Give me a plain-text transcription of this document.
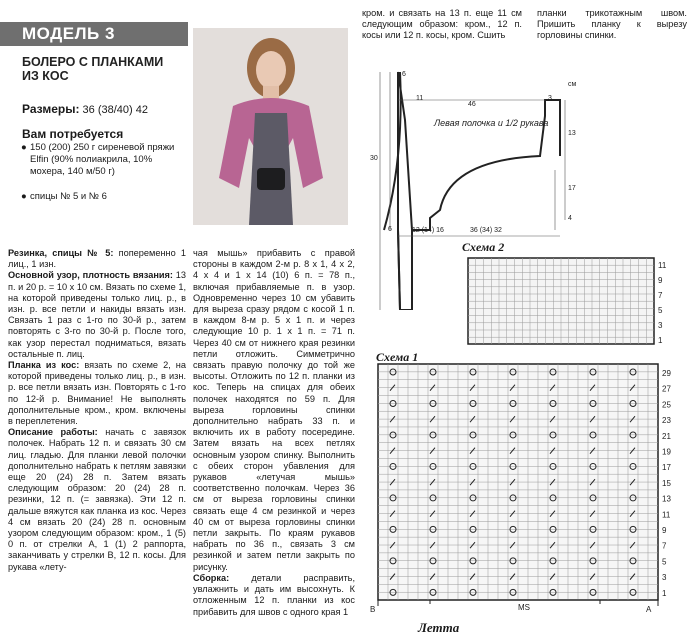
МОДЕЛЬ 3
БОЛЕРО С ПЛАНКАМИ ИЗ КОС
Размеры: 36 (38/40) 42
Вам потребуется
● 150 (200) 250 г сиреневой пряжи Elfin (90% полиакрила, 10% мохера, 140 м/50 г)
● спицы № 5 и № 6

Резинка, спицы № 5: попеременно 1 лиц., 1 изн.

Основной узор, плотность вязания: 13 п. и 20 р. = 10 х 10 см. Вязать по схеме 1, на которой приведены только лиц. р., в изн. р. все петли и накиды вязать изн. Связать 1 раз с 1-го по 30-й р., затем повторять с 3-го по 30-й р. После того, как узор перестал подниматься, вязать остальные п. лиц.

Планка из кос: вязать по схеме 2, на которой приведены только лиц. р., в изн. р. все петли вязать изн. Повторять с 1-го по 12-й р. Внимание! Не выполнять дополнительные кром., кром. включены в переплетения.

Описание работы: начать с завязок полочек. Набрать 12 п. и связать 30 см лиц. гладью. Для планки левой полочки дополнительно набрать к петлям завязки еще 20 (24) 28 п. Затем вязать следующим образом: 20 (24) 28 п. резинки, 12 п. (= завязка). Эти 12 п. дальше вяжутся как планка из кос. Через 4 см вязать 20 (24) 28 п. основным узором следующим образом: кром., 1 (5) 0 п. от стрелки А, 1 (1) 2 раппорта, заканчивать у стрелки В, 12 п. косы. Для рукава «лету-

чая мышь» прибавить с правой стороны в каждом 2-м р. 8 х 1, 4 х 2, 4 х 4 и 1 х 14 (10) 6 п. = 78 п., включая прибавляемые п. в узор. Одновременно через 10 см убавить для выреза сразу рядом с косой 1 п. в каждом 8-м р. 5 х 1 п. и через следующие 10 р. 1 х 1 п. = 71 п. Через 40 см от нижнего края резинки петли отложить. Симметрично связать правую полочку до той же высоты. Отложить по 12 п. планки из кос. Теперь на спицах для обеих полочек находятся по 59 п. Для выреза горловины спинки дополнительно набрать 33 п. и включить их в работу посередине. Затем вязать на всех петлях основным узором спинку. Выполнить с обеих сторон убавления для рукавов «летучая мышь» соответственно полочкам. Через 36 см от выреза горловины спинки связать еще 4 см резинкой и через 40 см от выреза горловины спинки петли закрыть. По краям рукавов набрать по 36 п., связать 3 см резинкой и затем петли закрыть по рисунку.

Сборка: детали расправить, увлажнить и дать им высохнуть. К отложенным 12 п. планки из кос прибавить для швов с одного края 1

кром. и связать на 13 п. еще 11 см следующим образом: кром., 12 п. косы или 12 п. косы, кром. Сшить
планки трикотажным швом. Пришить планку к вырезу горловины спинки.
6
11
46
3
см
13
30
17
4
6	12 (14) 16	36 (34) 32
Левая полочка и 1/2 рукава
Схема 2
11
9
7
5
3
1
Схема 1
29
27
25
23
21
19
17
15
13
11
9
7
5
3
1
B	A
MS
Летта
